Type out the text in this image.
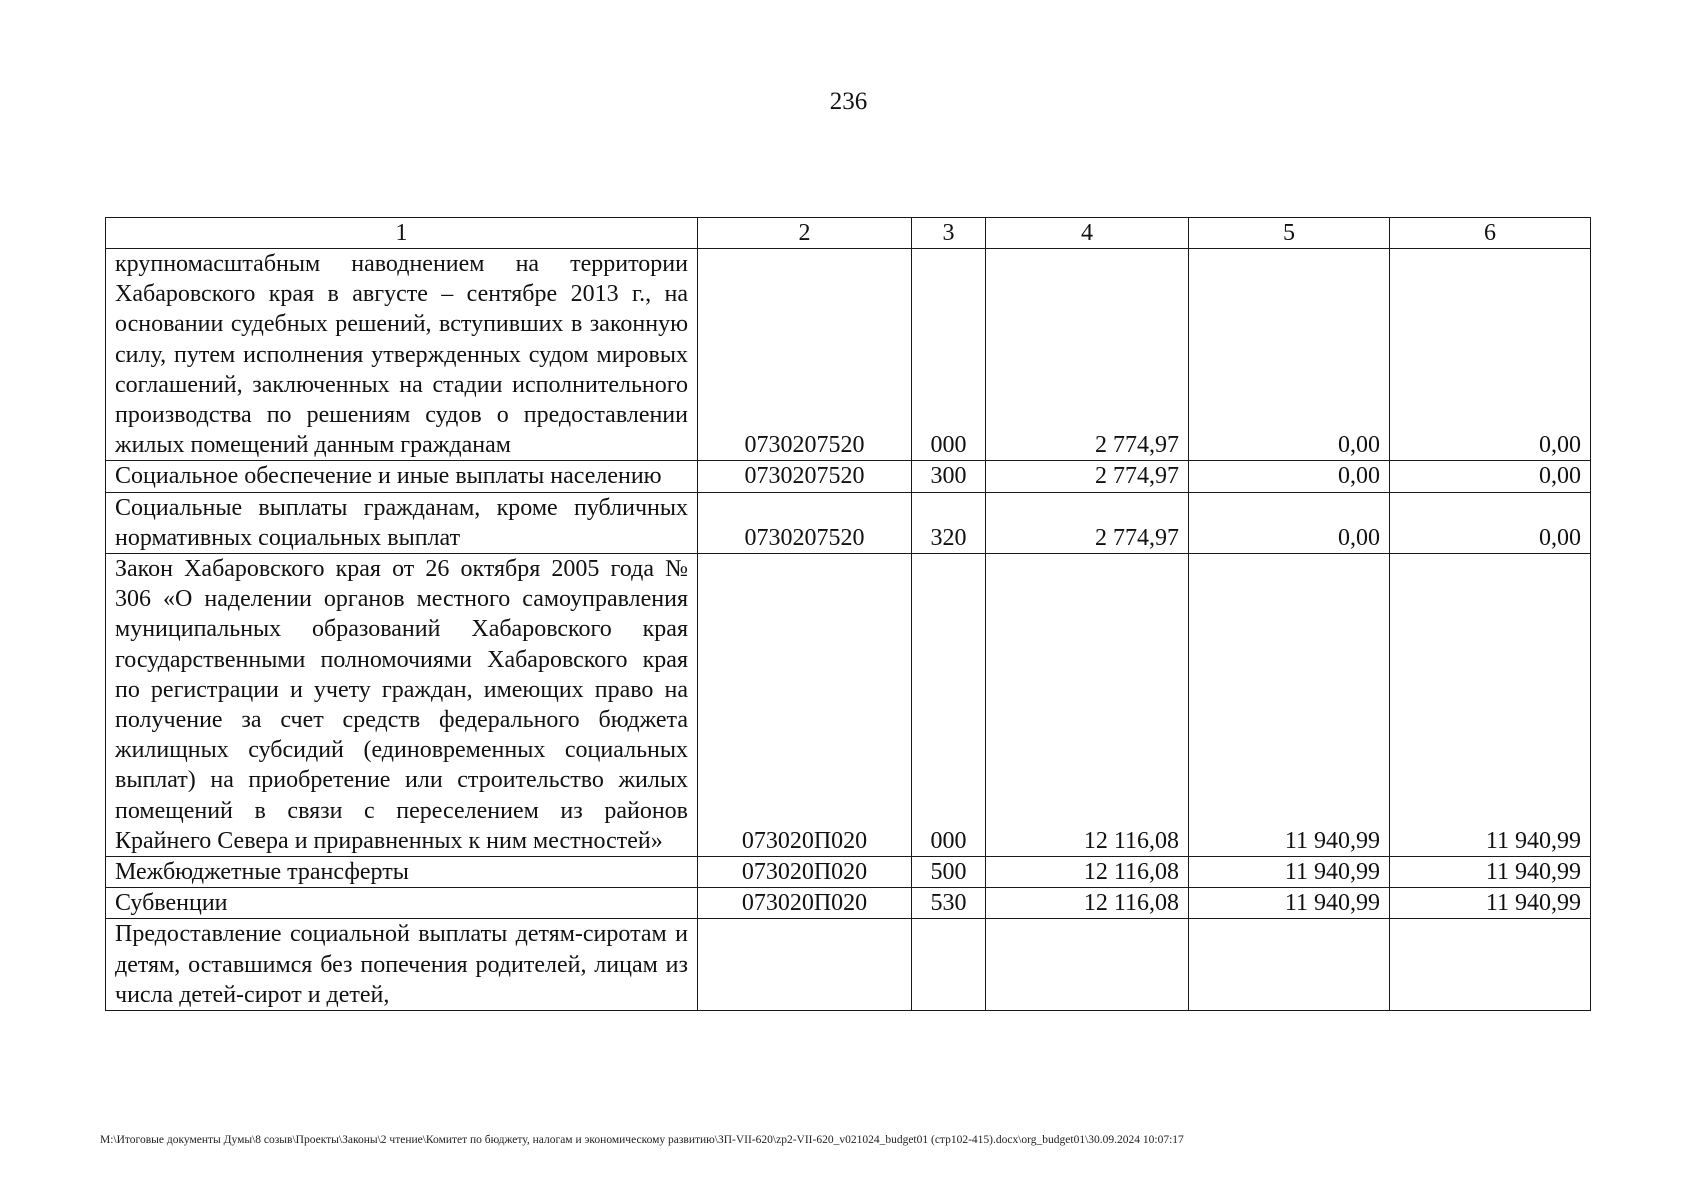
236
1	2	3	4	5	6
крупномасштабным наводнением на территории Хабаровского края в августе – сентябре 2013 г., на основании судебных решений, вступивших в законную силу, путем исполнения утвержденных судом мировых соглашений, заключенных на стадии исполнительного производства по решениям судов о предоставлении жилых помещений данным гражданам	0730207520	000	2 774,97	0,00	0,00
Социальное обеспечение и иные выплаты населению	0730207520	300	2 774,97	0,00	0,00
Социальные выплаты гражданам, кроме публичных нормативных социальных выплат	0730207520	320	2 774,97	0,00	0,00
Закон Хабаровского края от 26 октября 2005 года № 306 «О наделении органов местного самоуправления муниципальных образований Хабаровского края государственными полномочиями Хабаровского края по регистрации и учету граждан, имеющих право на получение за счет средств федерального бюджета жилищных субсидий (единовременных социальных выплат) на приобретение или строительство жилых помещений в связи с переселением из районов Крайнего Севера и приравненных к ним местностей»	073020П020	000	12 116,08	11 940,99	11 940,99
Межбюджетные трансферты	073020П020	500	12 116,08	11 940,99	11 940,99
Субвенции	073020П020	530	12 116,08	11 940,99	11 940,99
Предоставление социальной выплаты детям-сиротам и детям, оставшимся без попечения родителей, лицам из числа детей-сирот и детей,					
M:\Итоговые документы Думы\8 созыв\Проекты\Законы\2 чтение\Комитет по бюджету, налогам и экономическому развитию\ЗП-VII-620\zp2-VII-620_v021024_budget01 (стр102-415).docx\org_budget01\30.09.2024 10:07:17
